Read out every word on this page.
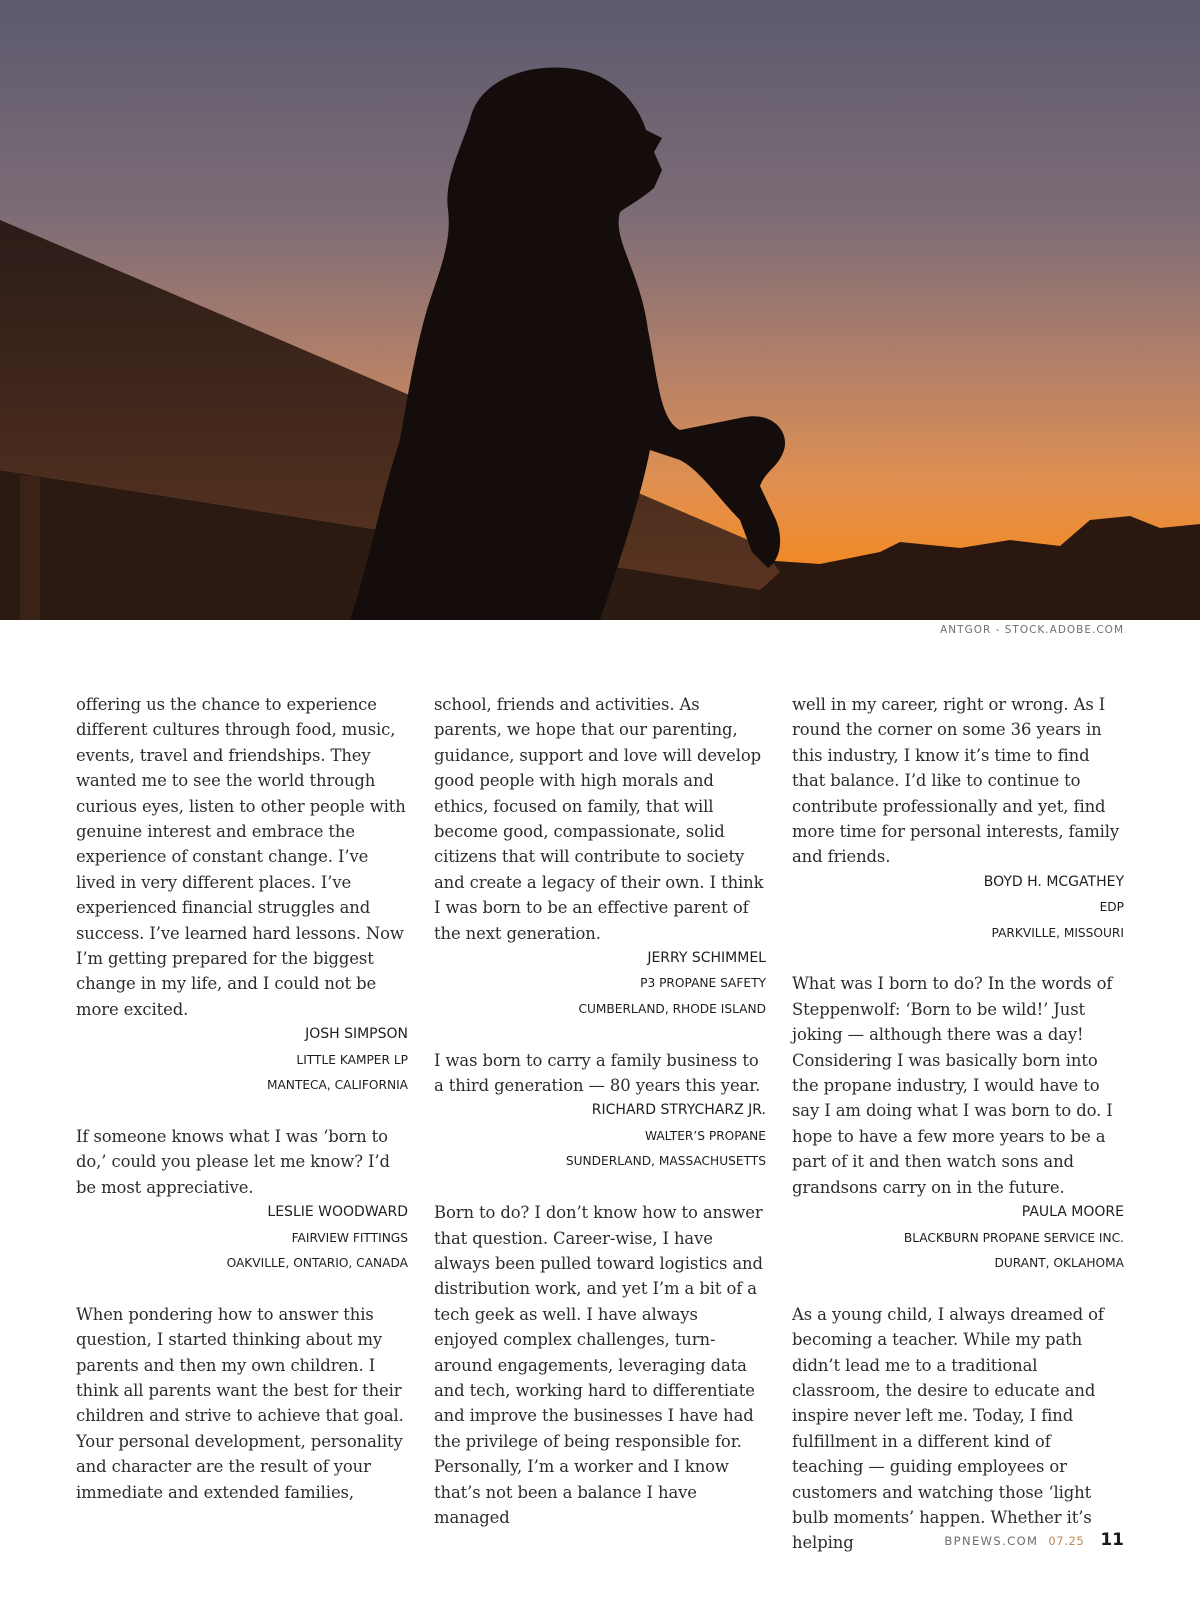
ANTGOR - STOCK.ADOBE.COM

offering us the chance to experience different cultures through food, music, events, travel and friendships. They wanted me to see the world through curious eyes, listen to other people with genuine interest and embrace the experience of constant change. I’ve lived in very different places. I’ve experienced financial struggles and success. I’ve learned hard lessons. Now I’m getting prepared for the biggest change in my life, and I could not be more excited.

JOSH SIMPSON
LITTLE KAMPER LP
MANTECA, CALIFORNIA

If someone knows what I was ‘born to do,’ could you please let me know? I’d be most appreciative.

LESLIE WOODWARD
FAIRVIEW FITTINGS
OAKVILLE, ONTARIO, CANADA

When pondering how to answer this question, I started thinking about my parents and then my own children. I think all parents want the best for their children and strive to achieve that goal. Your personal development, personality and character are the result of your immediate and extended families,

school, friends and activities. As parents, we hope that our parenting, guidance, support and love will develop good people with high morals and ethics, focused on family, that will become good, compassionate, solid citizens that will contribute to society and create a legacy of their own. I think I was born to be an effective parent of the next generation.

JERRY SCHIMMEL
P3 PROPANE SAFETY
CUMBERLAND, RHODE ISLAND

I was born to carry a family business to a third generation — 80 years this year.

RICHARD STRYCHARZ JR.
WALTER’S PROPANE
SUNDERLAND, MASSACHUSETTS

Born to do? I don’t know how to answer that question. Career-wise, I have always been pulled toward logistics and distribution work, and yet I’m a bit of a tech geek as well. I have always enjoyed complex challenges, turn-around engagements, leveraging data and tech, working hard to differentiate and improve the businesses I have had the privilege of being responsible for. Personally, I’m a worker and I know that’s not been a balance I have managed

well in my career, right or wrong. As I round the corner on some 36 years in this industry, I know it’s time to find that balance. I’d like to continue to contribute professionally and yet, find more time for personal interests, family and friends.

BOYD H. MCGATHEY
EDP
PARKVILLE, MISSOURI

What was I born to do? In the words of Steppenwolf: ‘Born to be wild!’ Just joking — although there was a day! Considering I was basically born into the propane industry, I would have to say I am doing what I was born to do. I hope to have a few more years to be a part of it and then watch sons and grandsons carry on in the future.

PAULA MOORE
BLACKBURN PROPANE SERVICE INC.
DURANT, OKLAHOMA

As a young child, I always dreamed of becoming a teacher. While my path didn’t lead me to a traditional classroom, the desire to educate and inspire never left me. Today, I find fulfillment in a different kind of teaching — guiding employees or customers and watching those ‘light bulb moments’ happen. Whether it’s helping	BPNEWS.COM 07.25 11
